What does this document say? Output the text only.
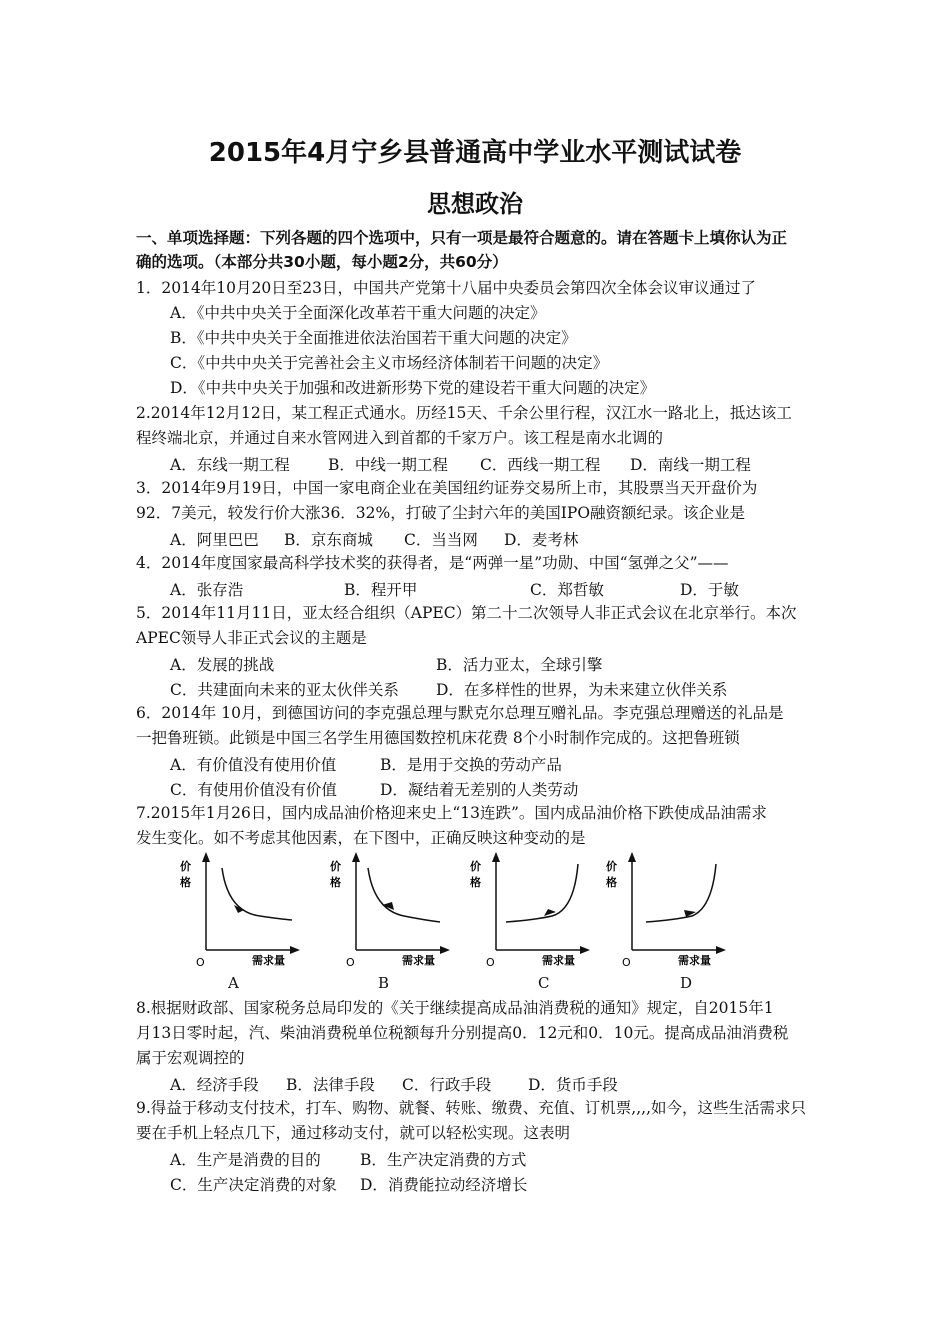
2015年4月宁乡县普通高中学业水平测试试卷
思想政治
一、单项选择题：下列各题的四个选项中，只有一项是最符合题意的。请在答题卡上填你认为正
确的选项。（本部分共30小题，每小题2分，共60分）
1．2014年10月20日至23日，中国共产党第十八届中央委员会第四次全体会议审议通过了
A．《中共中央关于全面深化改革若干重大问题的决定》
B．《中共中央关于全面推进依法治国若干重大问题的决定》
C．《中共中央关于完善社会主义市场经济体制若干问题的决定》
D．《中共中央关于加强和改进新形势下党的建设若干重大问题的决定》
2.2014年12月12日，某工程正式通水。历经15天、千余公里行程，汉江水一路北上，抵达该工
程终端北京，并通过自来水管网进入到首都的千家万户。该工程是南水北调的
A．东线一期工程 B．中线一期工程 C．西线一期工程 D．南线一期工程
3．2014年9月19日，中国一家电商企业在美国纽约证券交易所上市，其股票当天开盘价为
92．7美元，较发行价大涨36．32%，打破了尘封六年的美国IPO融资额纪录。该企业是
A．阿里巴巴 B．京东商城 C．当当网 D．麦考林
4．2014年度国家最高科学技术奖的获得者，是“两弹一星”功勋、中国“氢弹之父”——
A．张存浩	B．程开甲	C．郑哲敏	D．于敏
5．2014年11月11日，亚太经合组织（APEC）第二十二次领导人非正式会议在北京举行。本次
APEC领导人非正式会议的主题是
A．发展的挑战	B．活力亚太，全球引擎
C．共建面向未来的亚太伙伴关系 D．在多样性的世界，为未来建立伙伴关系
6．2014年 10月，到德国访问的李克强总理与默克尔总理互赠礼品。李克强总理赠送的礼品是
一把鲁班锁。此锁是中国三名学生用德国数控机床花费 8个小时制作完成的。这把鲁班锁
A．有价值没有使用价值	B．是用于交换的劳动产品
C．有使用价值没有价值	D．凝结着无差别的人类劳动
7.2015年1月26日，国内成品油价格迎来史上“13连跌”。国内成品油价格下跌使成品油需求
发生变化。如不考虑其他因素，在下图中，正确反映这种变动的是
价
格
O	需求量
A
价
格
O	需求量
B
价
格
O	需求量
C
价
格
O	需求量
D
8.根据财政部、国家税务总局印发的《关于继续提高成品油消费税的通知》规定，自2015年1
月13日零时起，汽、柴油消费税单位税额每升分别提高0．12元和0．10元。提高成品油消费税
属于宏观调控的
A．经济手段 B．法律手段 C．行政手段 D．货币手段
9.得益于移动支付技术，打车、购物、就餐、转账、缴费、充值、订机票,,,,如今，这些生活需求只
要在手机上轻点几下，通过移动支付，就可以轻松实现。这表明
A．生产是消费的目的	B．生产决定消费的方式
C．生产决定消费的对象 D．消费能拉动经济增长
